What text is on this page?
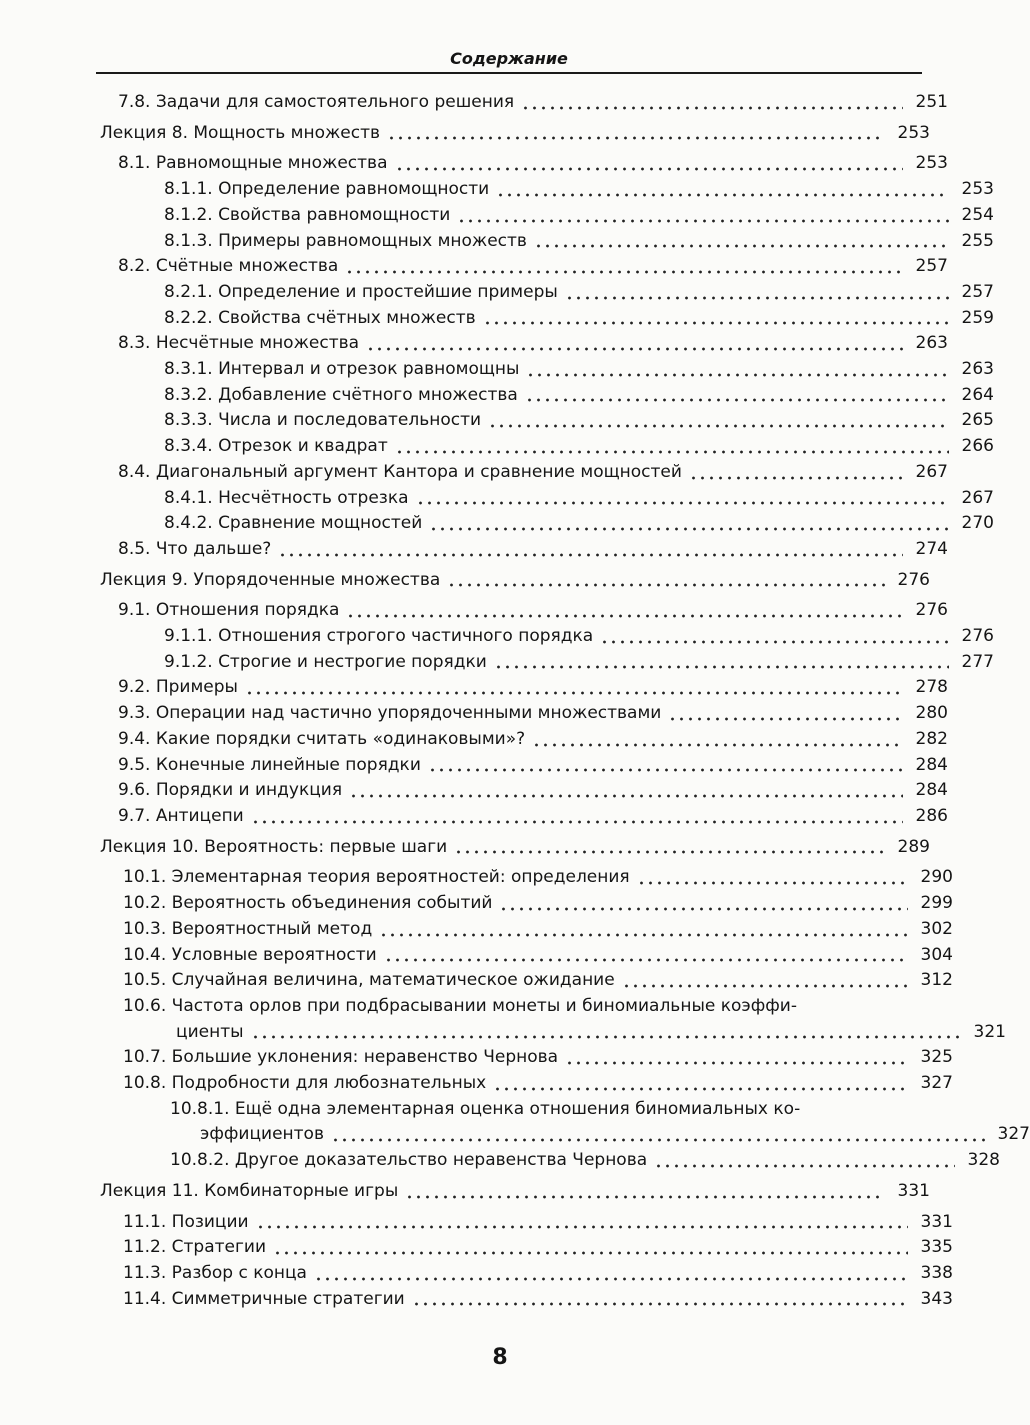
Содержание
7.8. Задачи для самостоятельного решения	251
Лекция 8. Мощность множеств	253
8.1. Равномощные множества	253
8.1.1. Определение равномощности	253
8.1.2. Свойства равномощности	254
8.1.3. Примеры равномощных множеств	255
8.2. Счётные множества	257
8.2.1. Определение и простейшие примеры	257
8.2.2. Свойства счётных множеств	259
8.3. Несчётные множества	263
8.3.1. Интервал и отрезок равномощны	263
8.3.2. Добавление счётного множества	264
8.3.3. Числа и последовательности	265
8.3.4. Отрезок и квадрат	266
8.4. Диагональный аргумент Кантора и сравнение мощностей	267
8.4.1. Несчётность отрезка	267
8.4.2. Сравнение мощностей	270
8.5. Что дальше?	274
Лекция 9. Упорядоченные множества	276
9.1. Отношения порядка	276
9.1.1. Отношения строгого частичного порядка	276
9.1.2. Строгие и нестрогие порядки	277
9.2. Примеры	278
9.3. Операции над частично упорядоченными множествами	280
9.4. Какие порядки считать «одинаковыми»?	282
9.5. Конечные линейные порядки	284
9.6. Порядки и индукция	284
9.7. Антицепи	286
Лекция 10. Вероятность: первые шаги	289
10.1. Элементарная теория вероятностей: определения	290
10.2. Вероятность объединения событий	299
10.3. Вероятностный метод	302
10.4. Условные вероятности	304
10.5. Случайная величина, математическое ожидание	312
10.6. Частота орлов при подбрасывании монеты и биномиальные коэффи-
циенты	321
10.7. Большие уклонения: неравенство Чернова	325
10.8. Подробности для любознательных	327
10.8.1. Ещё одна элементарная оценка отношения биномиальных ко-
эффициентов	327
10.8.2. Другое доказательство неравенства Чернова	328
Лекция 11. Комбинаторные игры	331
11.1. Позиции	331
11.2. Стратегии	335
11.3. Разбор с конца	338
11.4. Симметричные стратегии	343
8
